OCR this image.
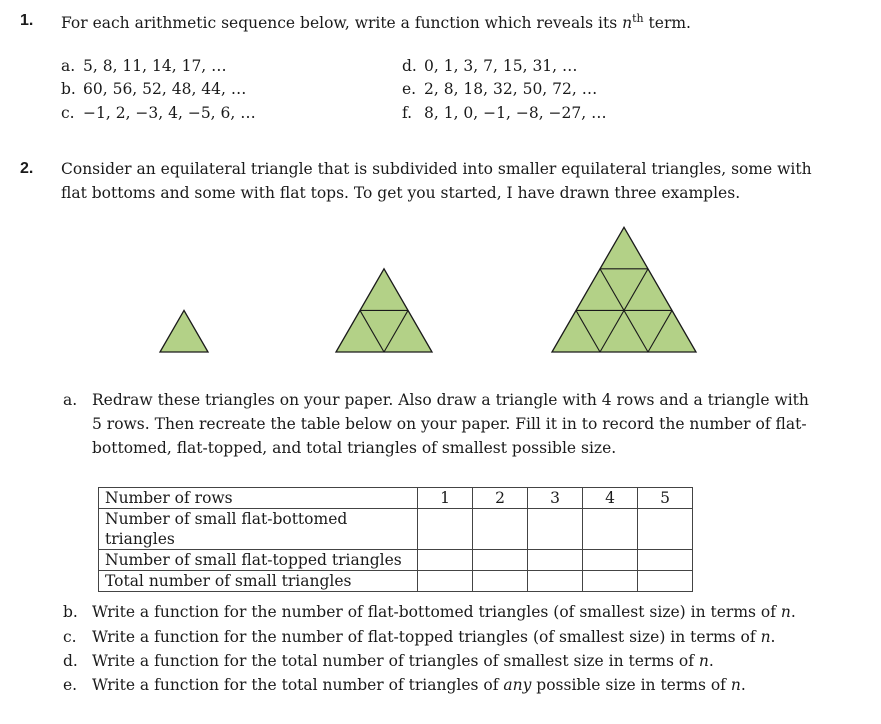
1. For each arithmetic sequence below, write a function which reveals its $n^{th}$ term.
a. 5, 8, 11, 14, 17, …
b. 60, 56, 52, 48, 44, …
c. −1, 2, −3, 4, −5, 6, …
d. 0, 1, 3, 7, 15, 31, …
e. 2, 8, 18, 32, 50, 72, …
f. 8, 1, 0, −1, −8, −27, …
2. Consider an equilateral triangle that is subdivided into smaller equilateral triangles, some with
flat bottoms and some with flat tops. To get you started, I have drawn three examples.
a. Redraw these triangles on your paper. Also draw a triangle with 4 rows and a triangle with
5 rows. Then recreate the table below on your paper. Fill it in to record the number of flat-
bottomed, flat-topped, and total triangles of smallest possible size.
Number of rows	1	2	3	4	5
Number of small flat-bottomed triangles					
Number of small flat-topped triangles					
Total number of small triangles					
b. Write a function for the number of flat-bottomed triangles (of smallest size) in terms of n.
c. Write a function for the number of flat-topped triangles (of smallest size) in terms of n.
d. Write a function for the total number of triangles of smallest size in terms of n.
e. Write a function for the total number of triangles of any possible size in terms of n.
